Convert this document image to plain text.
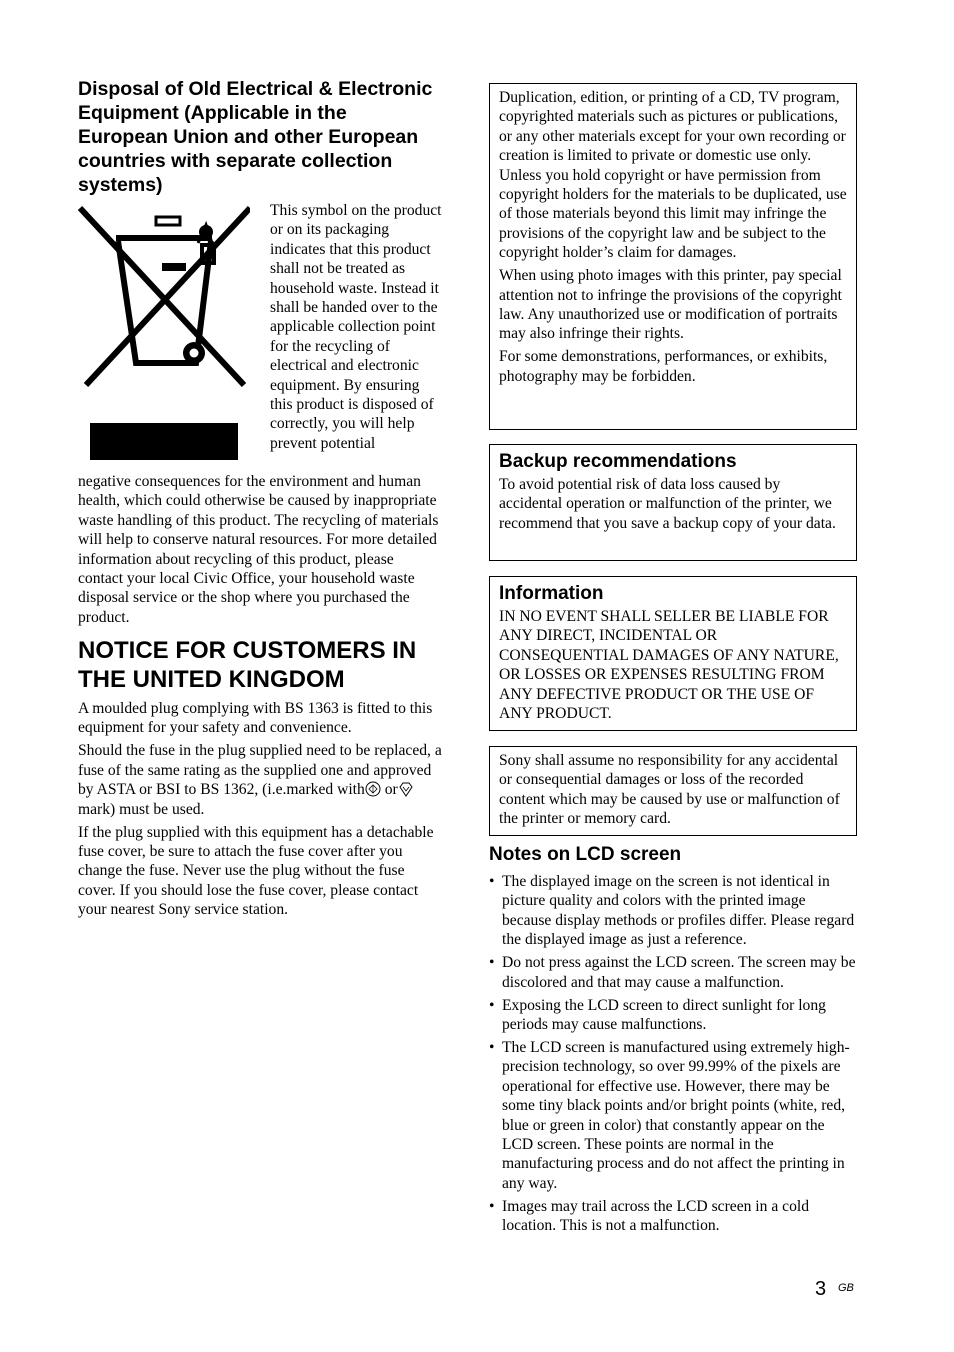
Disposal of Old Electrical & Electronic Equipment (Applicable in the European Union and other European countries with separate collection systems)

This symbol on the product or on its packaging indicates that this product shall not be treated as household waste. Instead it shall be handed over to the applicable collection point for the recycling of electrical and electronic equipment. By ensuring this product is disposed of correctly, you will help prevent potential

negative consequences for the environment and human health, which could otherwise be caused by inappropriate waste handling of this product. The recycling of materials will help to conserve natural resources. For more detailed information about recycling of this product, please contact your local Civic Office, your household waste disposal service or the shop where you purchased the product.

NOTICE FOR CUSTOMERS IN THE UNITED KINGDOM

A moulded plug complying with BS 1363 is fitted to this equipment for your safety and convenience.

Should the fuse in the plug supplied need to be replaced, a fuse of the same rating as the supplied one and approved by ASTA or BSI to BS 1362, (i.e.marked with or mark) must be used.

If the plug supplied with this equipment has a detachable fuse cover, be sure to attach the fuse cover after you change the fuse. Never use the plug without the fuse cover. If you should lose the fuse cover, please contact your nearest Sony service station.

Duplication, edition, or printing of a CD, TV program, copyrighted materials such as pictures or publications, or any other materials except for your own recording or creation is limited to private or domestic use only. Unless you hold copyright or have permission from copyright holders for the materials to be duplicated, use of those materials beyond this limit may infringe the provisions of the copyright law and be subject to the copyright holder’s claim for damages.

When using photo images with this printer, pay special attention not to infringe the provisions of the copyright law. Any unauthorized use or modification of portraits may also infringe their rights.

For some demonstrations, performances, or exhibits, photography may be forbidden.

Backup recommendations

To avoid potential risk of data loss caused by accidental operation or malfunction of the printer, we recommend that you save a backup copy of your data.

Information

IN NO EVENT SHALL SELLER BE LIABLE FOR ANY DIRECT, INCIDENTAL OR CONSEQUENTIAL DAMAGES OF ANY NATURE, OR LOSSES OR EXPENSES RESULTING FROM ANY DEFECTIVE PRODUCT OR THE USE OF ANY PRODUCT.

Sony shall assume no responsibility for any accidental or consequential damages or loss of the recorded content which may be caused by use or malfunction of the printer or memory card.

Notes on LCD screen
• The displayed image on the screen is not identical in picture quality and colors with the printed image because display methods or profiles differ. Please regard the displayed image as just a reference.
• Do not press against the LCD screen. The screen may be discolored and that may cause a malfunction.
• Exposing the LCD screen to direct sunlight for long periods may cause malfunctions.
• The LCD screen is manufactured using extremely high-precision technology, so over 99.99% of the pixels are operational for effective use. However, there may be some tiny black points and/or bright points (white, red, blue or green in color) that constantly appear on the LCD screen. These points are normal in the manufacturing process and do not affect the printing in any way.
• Images may trail across the LCD screen in a cold location. This is not a malfunction.
3 GB
